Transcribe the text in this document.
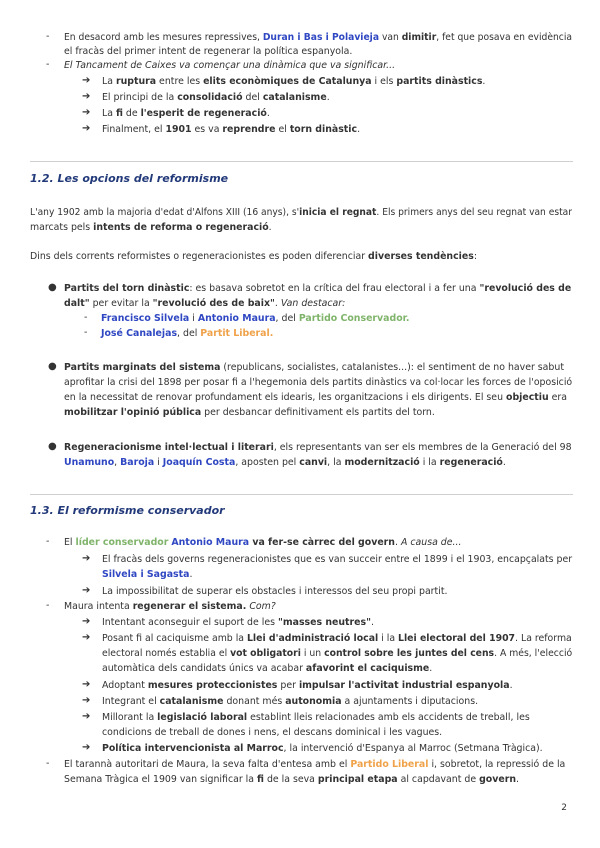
-	En desacord amb les mesures repressives, Duran i Bas i Polavieja van dimitir, fet que posava en evidència
el fracàs del primer intent de regenerar la política espanyola.
-	El Tancament de Caixes va començar una dinàmica que va significar...
➔ La ruptura entre les elits econòmiques de Catalunya i els partits dinàstics.
➔ El principi de la consolidació del catalanisme.
➔ La fi de l'esperit de regeneració.
➔ Finalment, el 1901 es va reprendre el torn dinàstic.
1.2. Les opcions del reformisme
L'any 1902 amb la majoria d'edat d'Alfons XIII (16 anys), s'inicia el regnat. Els primers anys del seu regnat van estar
marcats pels intents de reforma o regeneració.
Dins dels corrents reformistes o regeneracionistes es poden diferenciar diverses tendències:
● Partits del torn dinàstic: es basava sobretot en la crítica del frau electoral i a fer una "revolució des de
dalt" per evitar la "revolució des de baix". Van destacar:
-	Francisco Silvela i Antonio Maura, del Partido Conservador.
-	José Canalejas, del Partit Liberal.
● Partits marginats del sistema (republicans, socialistes, catalanistes...): el sentiment de no haver sabut
aprofitar la crisi del 1898 per posar fi a l'hegemonia dels partits dinàstics va col·locar les forces de l'oposició
en la necessitat de renovar profundament els idearis, les organitzacions i els dirigents. El seu objectiu era
mobilitzar l'opinió pública per desbancar definitivament els partits del torn.
● Regeneracionisme intel·lectual i literari, els representants van ser els membres de la Generació del 98
Unamuno, Baroja i Joaquín Costa, aposten pel canvi, la modernització i la regeneració.
1.3. El reformisme conservador
-	El líder conservador Antonio Maura va fer-se càrrec del govern. A causa de...
➔ El fracàs dels governs regeneracionistes que es van succeir entre el 1899 i el 1903, encapçalats per
Silvela i Sagasta.
➔ La impossibilitat de superar els obstacles i interessos del seu propi partit.
-	Maura intenta regenerar el sistema. Com?
➔ Intentant aconseguir el suport de les "masses neutres".
➔ Posant fi al caciquisme amb la Llei d'administració local i la Llei electoral del 1907. La reforma
electoral només establia el vot obligatori i un control sobre les juntes del cens. A més, l'elecció
automàtica dels candidats únics va acabar afavorint el caciquisme.
➔ Adoptant mesures proteccionistes per impulsar l'activitat industrial espanyola.
➔ Integrant el catalanisme donant més autonomia a ajuntaments i diputacions.
➔ Millorant la legislació laboral establint lleis relacionades amb els accidents de treball, les
condicions de treball de dones i nens, el descans dominical i les vagues.
➔ Política intervencionista al Marroc, la intervenció d'Espanya al Marroc (Setmana Tràgica).
-	El tarannà autoritari de Maura, la seva falta d'entesa amb el Partido Liberal i, sobretot, la repressió de la
Semana Tràgica el 1909 van significar la fi de la seva principal etapa al capdavant de govern.
2
